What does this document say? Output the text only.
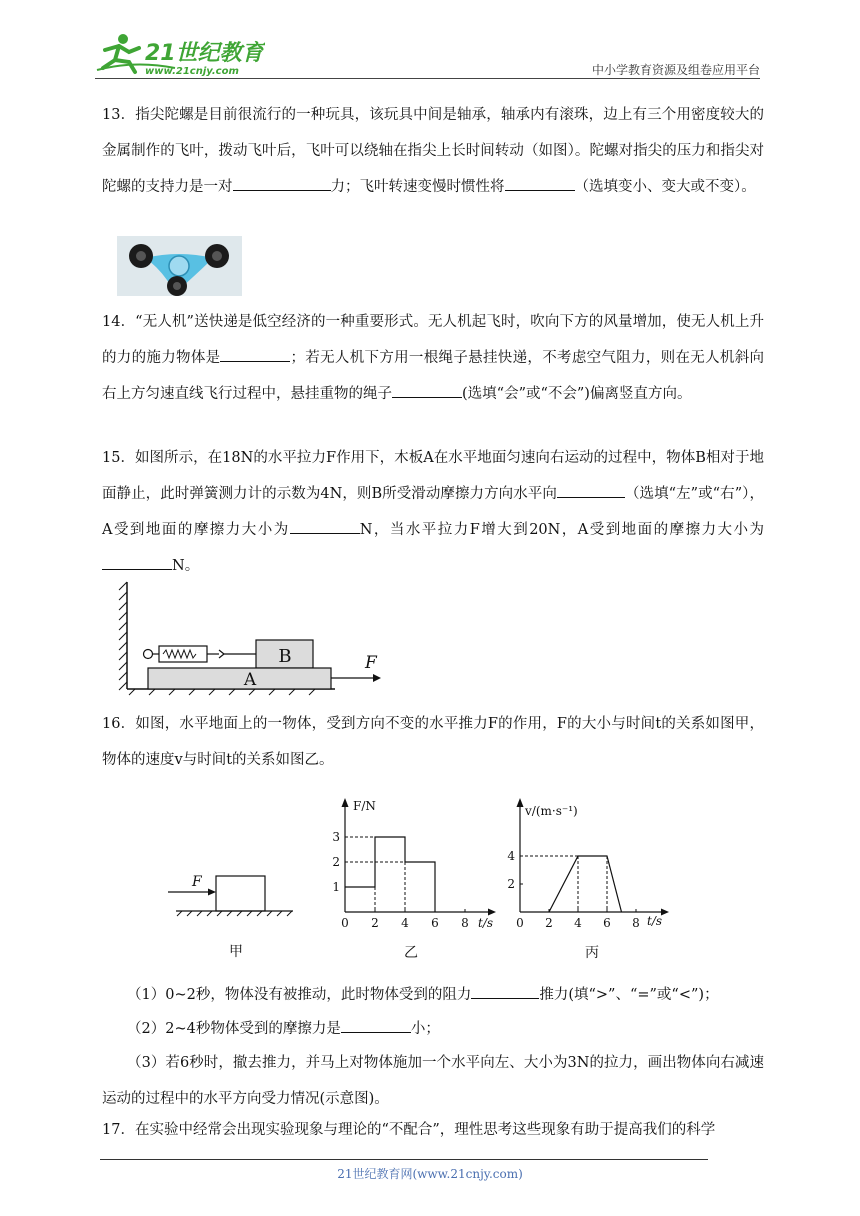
21世纪教育
www.21cnjy.com	中小学教育资源及组卷应用平台

13．指尖陀螺是目前很流行的一种玩具，该玩具中间是轴承，轴承内有滚珠，边上有三个用密度较大的金属制作的飞叶，拨动飞叶后，飞叶可以绕轴在指尖上长时间转动（如图）。陀螺对指尖的压力和指尖对陀螺的支持力是一对	力；飞叶转速变慢时惯性将	（选填变小、变大或不变）。

14．“无人机”送快递是低空经济的一种重要形式。无人机起飞时，吹向下方的风量增加，使无人机上升的力的施力物体是	；若无人机下方用一根绳子悬挂快递，不考虑空气阻力，则在无人机斜向右上方匀速直线飞行过程中，悬挂重物的绳子	(选填“会”或“不会”)偏离竖直方向。

15．如图所示，在18N的水平拉力F作用下，木板A在水平地面匀速向右运动的过程中，物体B相对于地面静止，此时弹簧测力计的示数为4N，则B所受滑动摩擦力方向水平向	（选填“左”或“右”），A受到地面的摩擦力大小为	N，当水平拉力F增大到20N，A受到地面的摩擦力大小为N。

B
A
F

16．如图，水平地面上的一物体，受到方向不变的水平推力F的作用，F的大小与时间t的关系如图甲，物体的速度v与时间t的关系如图乙。

F
甲
F/N
t/s
0 2 4 6 8
1
2
3
乙
v/(m·s⁻¹)
t/s
0 2 4 6 8
2
4
丙

（1）0~2秒，物体没有被推动，此时物体受到的阻力	推力(填“>”、“=”或“<”)；

（2）2~4秒物体受到的摩擦力是	小；

（3）若6秒时，撤去推力，并马上对物体施加一个水平向左、大小为3N的拉力，画出物体向右减速运动的过程中的水平方向受力情况(示意图)。

17．在实验中经常会出现实验现象与理论的“不配合”，理性思考这些现象有助于提高我们的科学

21世纪教育网(www.21cnjy.com)
